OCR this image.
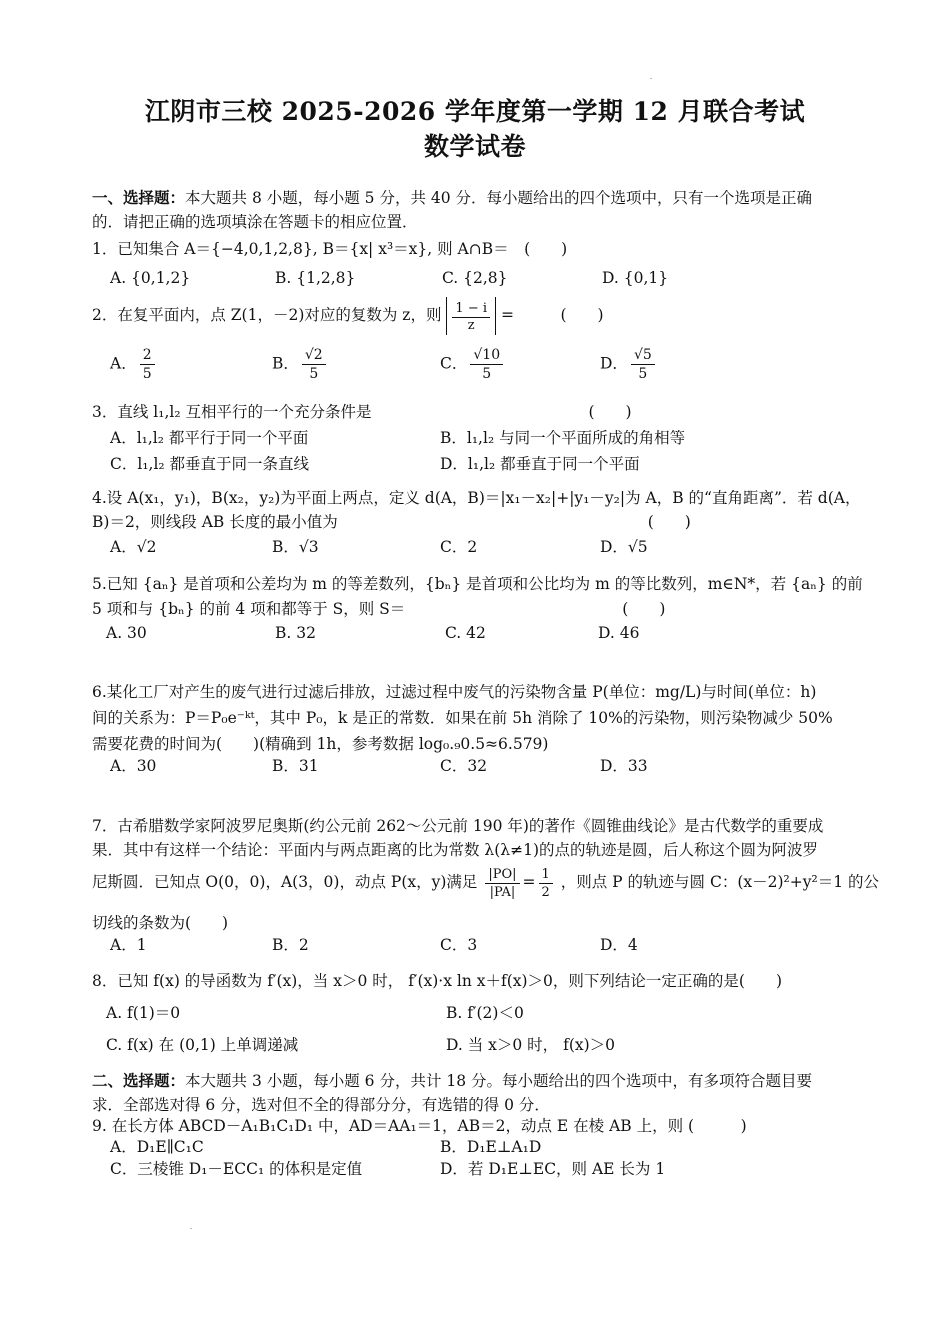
江阴市三校 2025-2026 学年度第一学期 12 月联合考试
数学试卷
一、选择题：本大题共 8 小题，每小题 5 分，共 40 分．每小题给出的四个选项中，只有一个选项是正确
的．请把正确的选项填涂在答题卡的相应位置．
1．已知集合 A＝{−4,0,1,2,8}, B＝{x| x³＝x}, 则 A∩B＝　(　　)
A. {0,1,2}	B. {1,2,8}	C. {2,8}	D. {0,1}
2．在复平面内，点 Z(1，－2)对应的复数为 z，则 $\frac{1 - i}{z}$ =　　　(　　)
A． $\frac{2}{5}$	B． $\frac{√2}{5}$	C． $\frac{√10}{5}$	D． $\frac{√5}{5}$
3．直线 l₁,l₂ 互相平行的一个充分条件是　　　　　　　　　　　　　　(　　)
A．l₁,l₂ 都平行于同一个平面	B．l₁,l₂ 与同一个平面所成的角相等
C．l₁,l₂ 都垂直于同一条直线	D．l₁,l₂ 都垂直于同一个平面
4.设 A(x₁，y₁)，B(x₂，y₂)为平面上两点，定义 d(A，B)＝|x₁－x₂|+|y₁－y₂|为 A，B 的“直角距离”．若 d(A，
B)＝2，则线段 AB 长度的最小值为　　　　　　　　　　　　　　　　　　　　(　　)
A．√2	B．√3	C．2	D．√5
5.已知 {aₙ} 是首项和公差均为 m 的等差数列，{bₙ} 是首项和公比均为 m 的等比数列，m∈N*，若 {aₙ} 的前
5 项和与 {bₙ} 的前 4 项和都等于 S，则 S＝　　　　　　　　　　　　　　(　　)
A. 30	B. 32	C. 42	D. 46
6.某化工厂对产生的废气进行过滤后排放，过滤过程中废气的污染物含量 P(单位：mg/L)与时间(单位：h)
间的关系为：P＝P₀e⁻ᵏᵗ，其中 P₀，k 是正的常数．如果在前 5h 消除了 10%的污染物，则污染物减少 50%
需要花费的时间为(　　)(精确到 1h，参考数据 log₀.₉0.5≈6.579)
A．30	B．31	C．32	D．33
7．古希腊数学家阿波罗尼奥斯(约公元前 262～公元前 190 年)的著作《圆锥曲线论》是古代数学的重要成
果．其中有这样一个结论：平面内与两点距离的比为常数 λ(λ≠1)的点的轨迹是圆，后人称这个圆为阿波罗
尼斯圆．已知点 O(0，0)，A(3，0)，动点 P(x，y)满足 $\frac{|PO|}{|PA|} = \frac{1}{2}$ ，则点 P 的轨迹与圆 C：(x－2)²+y²＝1 的公
切线的条数为(　　)
A．1	B．2	C．3	D．4
8．已知 f(x) 的导函数为 f′(x)，当 x＞0 时， f′(x)·x ln x＋f(x)＞0，则下列结论一定正确的是(　　)
A. f(1)＝0	B. f′(2)＜0
C. f(x) 在 (0,1) 上单调递减	D. 当 x＞0 时， f(x)＞0
二、选择题：本大题共 3 小题，每小题 6 分，共计 18 分。每小题给出的四个选项中，有多项符合题目要
求．全部选对得 6 分，选对但不全的得部分分，有选错的得 0 分．
9. 在长方体 ABCD－A₁B₁C₁D₁ 中，AD＝AA₁＝1，AB＝2，动点 E 在棱 AB 上，则 (　　　)
A．D₁E∥C₁C	B．D₁E⊥A₁D
C．三棱锥 D₁－ECC₁ 的体积是定值	D．若 D₁E⊥EC，则 AE 长为 1
